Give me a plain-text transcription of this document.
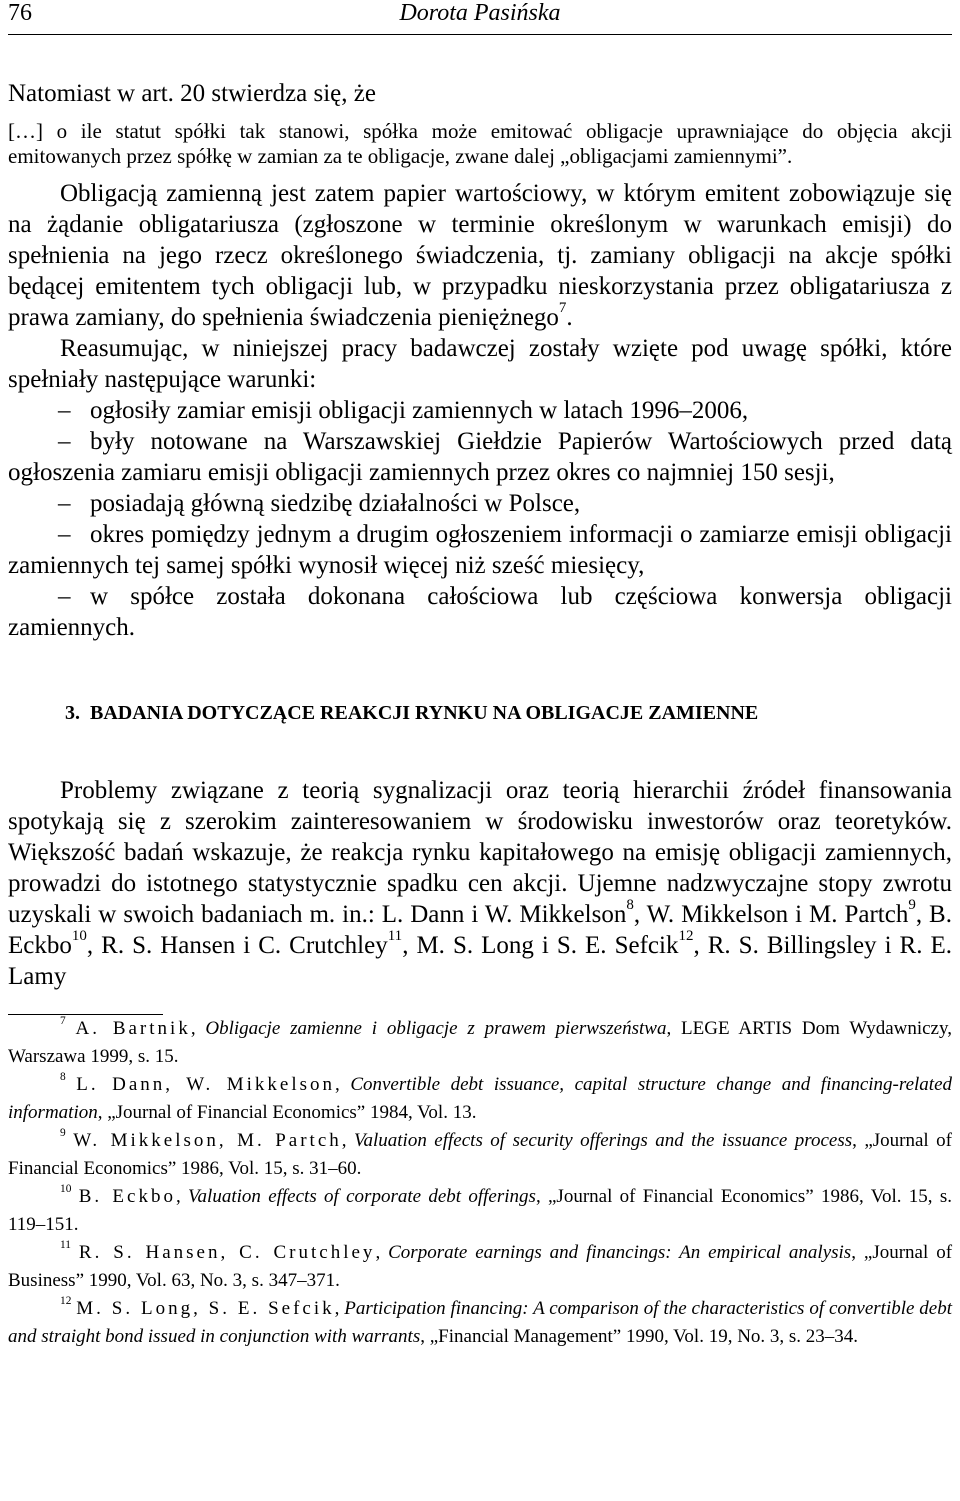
76	Dorota Pasińska

Natomiast w art. 20 stwierdza się, że

[…] o ile statut spółki tak stanowi, spółka może emitować obligacje uprawniające do objęcia akcji emitowanych przez spółkę w zamian za te obligacje, zwane dalej „obligacjami zamiennymi”.

Obligacją zamienną jest zatem papier wartościowy, w którym emitent zobowiązuje się na żądanie obligatariusza (zgłoszone w terminie określonym w warunkach emisji) do spełnienia na jego rzecz określonego świadczenia, tj. zamiany obligacji na akcje spółki będącej emitentem tych obligacji lub, w przypadku nieskorzystania przez obligatariusza z prawa zamiany, do spełnienia świadczenia pieniężnego$^7$.

Reasumując, w niniejszej pracy badawczej zostały wzięte pod uwagę spółki, które spełniały następujące warunki:

– ogłosiły zamiar emisji obligacji zamiennych w latach 1996–2006,

– były notowane na Warszawskiej Giełdzie Papierów Wartościowych przed datą ogłoszenia zamiaru emisji obligacji zamiennych przez okres co najmniej 150 sesji,

– posiadają główną siedzibę działalności w Polsce,

– okres pomiędzy jednym a drugim ogłoszeniem informacji o zamiarze emisji obligacji zamiennych tej samej spółki wynosił więcej niż sześć miesięcy,

– w spółce została dokonana całościowa lub częściowa konwersja obligacji zamiennych.

3.  BADANIA DOTYCZĄCE REAKCJI RYNKU NA OBLIGACJE ZAMIENNE

Problemy związane z teorią sygnalizacji oraz teorią hierarchii źródeł finansowania spotykają się z szerokim zainteresowaniem w środowisku inwestorów oraz teoretyków. Większość badań wskazuje, że reakcja rynku kapitałowego na emisję obligacji zamiennych, prowadzi do istotnego statystycznie spadku cen akcji. Ujemne nadzwyczajne stopy zwrotu uzyskali w swoich badaniach m. in.: L. Dann i W. Mikkelson$^8$, W. Mikkelson i M. Partch$^9$, B. Eckbo$^{10}$, R. S. Hansen i C. Crutchley$^{11}$, M. S. Long i S. E. Sefcik$^{12}$, R. S. Billingsley i R. E. Lamy

$^7$ A. Bartnik, Obligacje zamienne i obligacje z prawem pierwszeństwa, LEGE ARTIS Dom Wydawniczy, Warszawa 1999, s. 15.

$^8$ L. Dann, W. Mikkelson, Convertible debt issuance, capital structure change and financing-related information, „Journal of Financial Economics” 1984, Vol. 13.

$^9$ W. Mikkelson, M. Partch, Valuation effects of security offerings and the issuance process, „Journal of Financial Economics” 1986, Vol. 15, s. 31–60.

$^{10}$ B. Eckbo, Valuation effects of corporate debt offerings, „Journal of Financial Economics” 1986, Vol. 15, s. 119–151.

$^{11}$ R. S. Hansen, C. Crutchley, Corporate earnings and financings: An empirical analysis, „Journal of Business” 1990, Vol. 63, No. 3, s. 347–371.

$^{12}$ M. S. Long, S. E. Sefcik, Participation financing: A comparison of the characteristics of convertible debt and straight bond issued in conjunction with warrants, „Financial Management” 1990, Vol. 19, No. 3, s. 23–34.
